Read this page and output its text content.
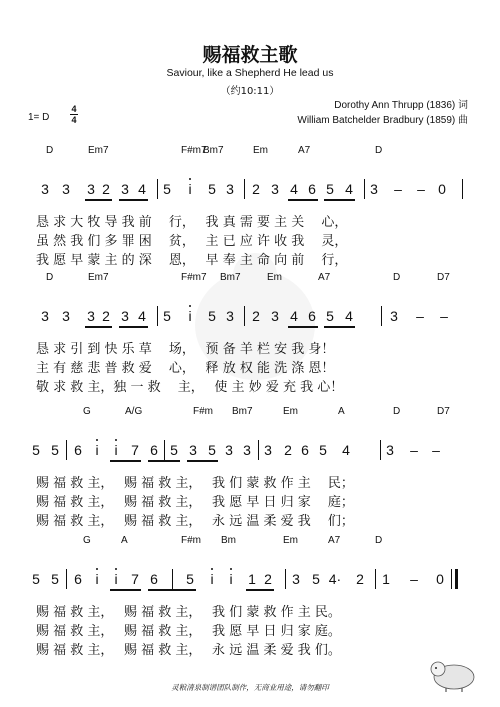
赐福救主歌
Saviour, like a Shepherd He lead us
（约10:11）
Dorothy Ann Thrupp (1836) 词
William Batchelder Bradbury (1859) 曲
1= D
4
4
D	Em7	F#m7
Bm7	Em	A7	D
3 3 3 2 3 4 5	i	5 3 2 3 4 6 5 4 3 – – 0
恳 求 大 牧 导 我 前　 行，　 我 真 需 要 主 关　 心，
虽 然 我 们 多 罪 困　 贫，　 主 已 应 许 收 我　 灵，
我 愿 早 蒙 主 的 深　 恩，　 早 奉 主 命 向 前　 行，
D	Em7	F#m7 Bm7	Em	A7	D	D7
3 3 3 2 3 4 5	i	5 3 2 3 4 6 5 4	3 – –
恳 求 引 到 快 乐 草　 场，　 预 备 羊 栏 安 我 身！
主 有 慈 悲 普 救 爱　 心，　 释 放 权 能 洗 涤 恩！
敬 求 救 主，独 一 救　 主，　 使 主 妙 爱 充 我 心！
G	A/G	F#m Bm7	Em	A	D	D7
5 5 6 i	i 7 6 5 3 5 3 3 3 2 6 5 4	3 – –
赐 福 救 主，　 赐 福 救 主，　 我 们 蒙 救 作 主　 民；
赐 福 救 主，　 赐 福 救 主，　 我 愿 早 日 归 家　 庭；
赐 福 救 主，　 赐 福 救 主，　 永 远 温 柔 爱 我　 们；
G	A	F#m Bm	Em	A7	D
5 5 6 i	i 7 6 5	i	i	1 2 3 5 4· 2 1 – 0
赐 福 救 主，　 赐 福 救 主，　 我 们 蒙 救 作 主 民。
赐 福 救 主，　 赐 福 救 主，　 我 愿 早 日 归 家 庭。
赐 福 救 主，　 赐 福 救 主，　 永 远 温 柔 爱 我 们。
灵粮清泉制谱团队制作，无商业用途，请勿翻印
